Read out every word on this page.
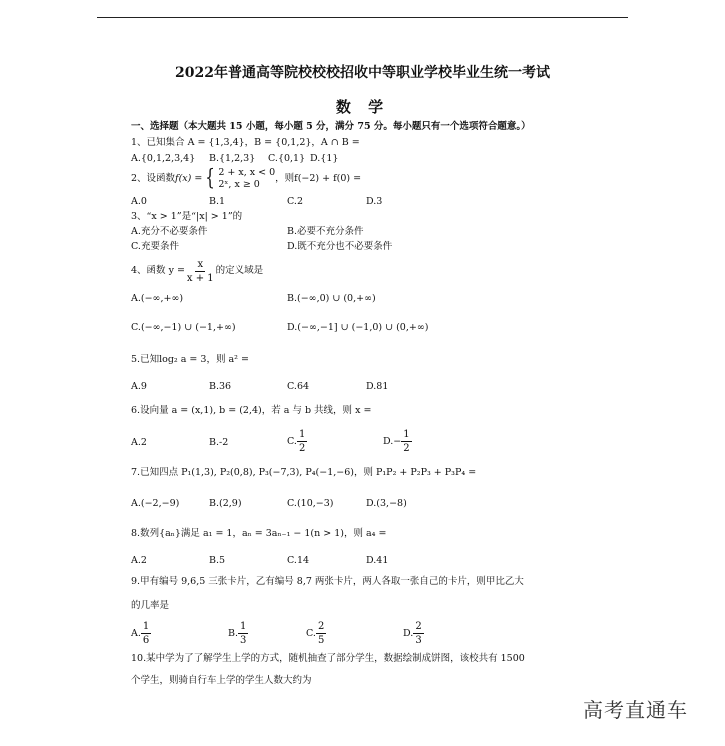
2022年普通高等院校校校招收中等职业学校毕业生统一考试
数 学
一、选择题（本大题共 15 小题，每小题 5 分，满分 75 分。每小题只有一个选项符合题意。）
1、已知集合 A = {1,3,4}，B = {0,1,2}，A ∩ B =
A.{0,1,2,3,4} B.{1,2,3} C.{0,1} D.{1}
2、设函数 f(x) = { 2 + x, x < 0
2ˣ, x ≥ 0
，则f(−2) + f(0) =
A.0	B.1	C.2	D.3
3、“x > 1”是“|x| > 1”的
A.充分不必要条件	B.必要不充分条件
C.充要条件	D.既不充分也不必要条件
4、函数 $y = \frac{x}{x + 1}$ 的定义域是
A.(−∞,+∞)	B.(−∞,0) ∪ (0,+∞)
C.(−∞,−1) ∪ (−1,+∞)	D.(−∞,−1] ∪ (−1,0) ∪ (0,+∞)
5.已知log₂ a = 3，则 a² =
A.9	B.36	C.64	D.81
6.设向量 a = (x,1), b = (2,4)，若 a 与 b 共线，则 x =
A.2	B.-2	C. $\frac{1}{2}$	$D.- \frac{1}{2}$
7.已知四点 P₁(1,3), P₂(0,8), P₃(−7,3), P₄(−1,−6)，则 P₁P₂ + P₂P₃ + P₃P₄ =
A.(−2,−9)	B.(2,9)	C.(10,−3)	D.(3,−8)
8.数列{aₙ}满足 a₁ = 1，aₙ = 3aₙ₋₁ − 1(n > 1)，则 a₄ =
A.2	B.5	C.14	D.41
9.甲有编号 9,6,5 三张卡片，乙有编号 8,7 两张卡片，两人各取一张自己的卡片，则甲比乙大
的几率是
A. $\frac{1}{6}$	B. $\frac{1}{3}$	C. $\frac{2}{5}$	D. $\frac{2}{3}$
10.某中学为了了解学生上学的方式，随机抽查了部分学生，数据绘制成饼图，该校共有 1500
个学生，则骑自行车上学的学生人数大约为
高考直通车
